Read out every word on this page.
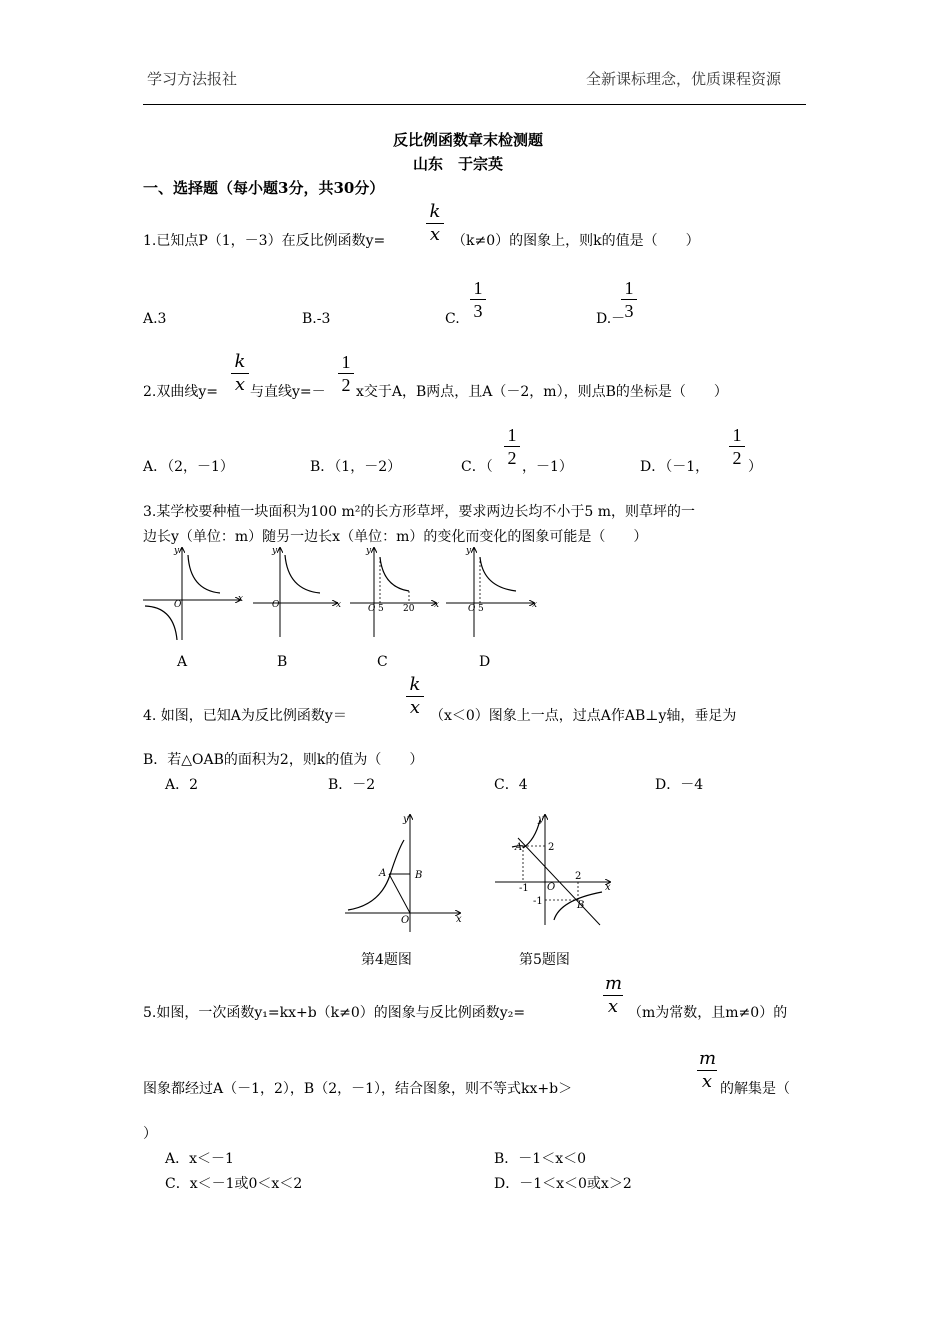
学习方法报社	全新课标理念，优质课程资源
反比例函数章末检测题
山东　于宗英
一、选择题（每小题3分，共30分）
1.已知点P（1，－3）在反比例函数y=
k
x （k≠0）的图象上，则k的值是（　　）
A.3	B.-3	C.
1
3	D.－
1
3
2.双曲线y=
k
x 与直线y=－
1
2 x交于A，B两点，且A（－2，m），则点B的坐标是（　　）
A．（2，－1）	B．（1，－2）	C．（
1
2 ，－1）	D．（－1，
1
2 ）
3.某学校要种植一块面积为100 m²的长方形草坪，要求两边长均不小于5 m，则草坪的一
边长y（单位：m）随另一边长x（单位：m）的变化而变化的图象可能是（　　）
O
x
y
O	x
y
O 5 20 x
y
O 5	x
y
A	B	C	D
4. 如图，已知A为反比例函数y＝
k
x （x＜0）图象上一点，过点A作AB⊥y轴，垂足为
B．若△OAB的面积为2，则k的值为（　　）
A．2	B．－2	C．4	D．－4
A	B
O	x
y
A
B
O
2
2
-1
-1
x
y
第4题图	第5题图
5.如图，一次函数y₁=kx+b（k≠0）的图象与反比例函数y₂=
m
x （m为常数，且m≠0）的
图象都经过A（－1，2），B（2，－1），结合图象，则不等式kx+b＞
m
x 的解集是（
）
A．x＜－1	B．－1＜x＜0
C．x＜－1或0＜x＜2	D．－1＜x＜0或x＞2
